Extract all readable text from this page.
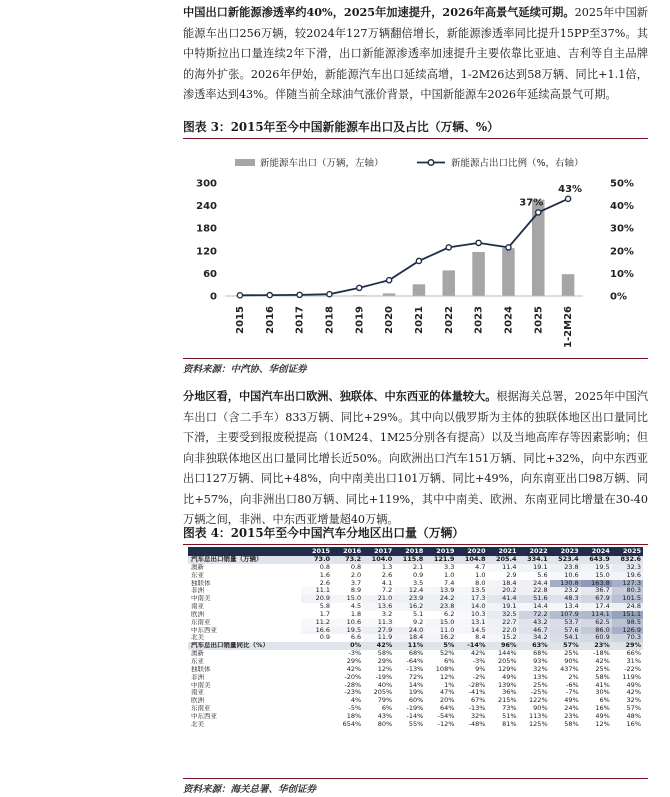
中国出口新能源渗透率约40%，2025年加速提升，2026年高景气延续可期。2025年中国新能源车出口256万辆，较2024年127万辆翻倍增长，新能源渗透率同比提升15PP至37%。其中特斯拉出口量连续2年下滑，出口新能源渗透率加速提升主要依靠比亚迪、吉利等自主品牌的海外扩张。2026年伊始，新能源汽车出口延续高增，1-2M26达到58万辆、同比+1.1倍，渗透率达到43%。伴随当前全球油气涨价背景，中国新能源车2026年延续高景气可期。
图表 3：2015年至今中国新能源车出口及占比（万辆、%）
新能源车出口（万辆，左轴）	新能源占出口比例（%，右轴）
0
60
120
180
240
300
0%
10%
20%
30%
40%
50%
37%
43%
2015 2016 2017 2018 2019 2020 2021 2022 2023 2024 2025 1-2M26
资料来源：中汽协、华创证券
分地区看，中国汽车出口欧洲、独联体、中东西亚的体量较大。根据海关总署，2025年中国汽车出口（含二手车）833万辆、同比+29%。其中向以俄罗斯为主体的独联体地区出口量同比下滑，主要受到报废税提高（10M24、1M25分别各有提高）以及当地高库存等因素影响；但向非独联体地区出口量同比增长近50%。向欧洲出口汽车151万辆、同比+32%，向中东西亚出口127万辆、同比+48%，向中南美出口101万辆、同比+49%，向东南亚出口98万辆、同比+57%，向非洲出口80万辆、同比+119%，其中中南美、欧洲、东南亚同比增量在30-40万辆之间，非洲、中东西亚增量超40万辆。
图表 4：2015年至今中国汽车分地区出口量（万辆）
	2015	2016	2017	2018	2019	2020	2021	2022	2023	2024	2025
汽车总出口销量（万辆）	73.0	73.2	104.0	115.8	121.9	104.8	205.4	334.1	523.4	643.9	832.6
澳新	0.8	0.8	1.3	2.1	3.3	4.7	11.4	19.1	23.8	19.5	32.3
东亚	1.6	2.0	2.6	0.9	1.0	1.0	2.9	5.6	10.6	15.0	19.6
独联体	2.6	3.7	4.1	3.5	7.4	8.0	18.4	24.4	130.8	163.8	127.3
非洲	11.1	8.9	7.2	12.4	13.9	13.5	20.2	22.8	23.2	36.7	80.3
中南美	20.9	15.0	21.0	23.9	24.2	17.3	41.4	51.6	48.3	67.9	101.5
南亚	5.8	4.5	13.6	16.2	23.8	14.0	19.1	14.4	13.4	17.4	24.8
欧洲	1.7	1.8	3.2	5.1	6.2	10.3	32.5	72.2	107.9	114.1	151.1
东南亚	11.2	10.6	11.3	9.2	15.0	13.1	22.7	43.2	53.7	62.5	98.5
中东西亚	16.6	19.5	27.9	24.0	11.0	14.5	22.0	46.7	57.6	86.0	126.9
北美	0.9	6.6	11.9	18.4	16.2	8.4	15.2	34.2	54.1	60.9	70.3
汽车总出口销量同比（%）		0%	42%	11%	5%	-14%	96%	63%	57%	23%	29%
澳新		-3%	58%	68%	52%	42%	144%	68%	25%	-18%	66%
东亚		29%	29%	-64%	6%	-3%	205%	93%	90%	42%	31%
独联体		42%	12%	-13%	108%	9%	129%	32%	437%	25%	-22%
非洲		-20%	-19%	72%	12%	-2%	49%	13%	2%	58%	119%
中南美		-28%	40%	14%	1%	-28%	139%	25%	-6%	41%	49%
南亚		-23%	205%	19%	47%	-41%	36%	-25%	-7%	30%	42%
欧洲		4%	79%	60%	20%	67%	215%	122%	49%	6%	32%
东南亚		-5%	6%	-19%	64%	-13%	73%	90%	24%	16%	57%
中东西亚		18%	43%	-14%	-54%	32%	51%	113%	23%	49%	48%
北美		654%	80%	55%	-12%	-48%	81%	125%	58%	12%	16%
资料来源：海关总署、华创证券
